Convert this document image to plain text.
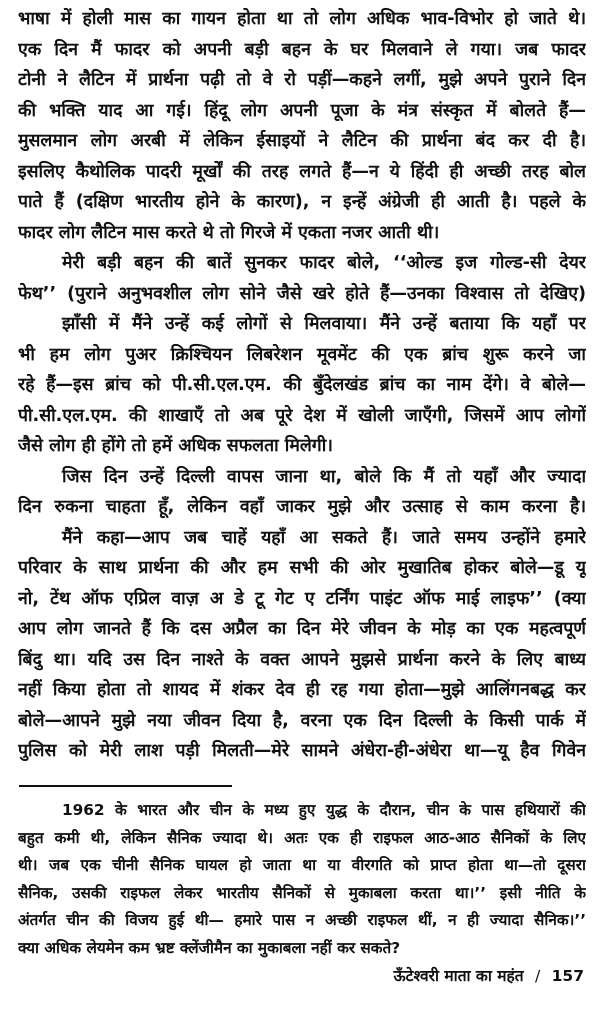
भाषा में होली मास का गायन होता था तो लोग अधिक भाव-विभोर हो जाते थे।
एक दिन मैं फादर को अपनी बड़ी बहन के घर मिलवाने ले गया। जब फादर
टोनी ने लैटिन में प्रार्थना पढ़ी तो वे रो पड़ीं—कहने लगीं, मुझे अपने पुराने दिन
की भक्ति याद आ गई। हिंदू लोग अपनी पूजा के मंत्र संस्कृत में बोलते हैं—
मुसलमान लोग अरबी में लेकिन ईसाइयों ने लैटिन की प्रार्थना बंद कर दी है।
इसलिए कैथोलिक पादरी मूर्खों की तरह लगते हैं—न ये हिंदी ही अच्छी तरह बोल
पाते हैं (दक्षिण भारतीय होने के कारण), न इन्हें अंग्रेजी ही आती है। पहले के
फादर लोग लैटिन मास करते थे तो गिरजे में एकता नजर आती थी।
मेरी बड़ी बहन की बातें सुनकर फादर बोले, ‘‘ओल्ड इज गोल्ड-सी देयर
फेथ’’ (पुराने अनुभवशील लोग सोने जैसे खरे होते हैं—उनका विश्वास तो देखिए)
झाँसी में मैंने उन्हें कई लोगों से मिलवाया। मैंने उन्हें बताया कि यहाँ पर
भी हम लोग पुअर क्रिश्चियन लिबरेशन मूवमेंट की एक ब्रांच शुरू करने जा
रहे हैं—इस ब्रांच को पी.सी.एल.एम. की बुँदेलखंड ब्रांच का नाम देंगे। वे बोले—
पी.सी.एल.एम. की शाखाएँ तो अब पूरे देश में खोली जाएँगी, जिसमें आप लोगों
जैसे लोग ही होंगे तो हमें अधिक सफलता मिलेगी।
जिस दिन उन्हें दिल्ली वापस जाना था, बोले कि मैं तो यहाँ और ज्यादा
दिन रुकना चाहता हूँ, लेकिन वहाँ जाकर मुझे और उत्साह से काम करना है।
मैंने कहा—आप जब चाहें यहाँ आ सकते हैं। जाते समय उन्होंने हमारे
परिवार के साथ प्रार्थना की और हम सभी की ओर मुखातिब होकर बोले—डू यू
नो, टेंथ ऑफ एप्रिल वाज़ अ डे टू गेट ए टर्निंग पाइंट ऑफ माई लाइफ’’ (क्या
आप लोग जानते हैं कि दस अप्रैल का दिन मेरे जीवन के मोड़ का एक महत्वपूर्ण
बिंदु था। यदि उस दिन नाश्ते के वक्त आपने मुझसे प्रार्थना करने के लिए बाध्य
नहीं किया होता तो शायद में शंकर देव ही रह गया होता—मुझे आलिंगनबद्ध कर
बोले—आपने मुझे नया जीवन दिया है, वरना एक दिन दिल्ली के किसी पार्क में
पुलिस को मेरी लाश पड़ी मिलती—मेरे सामने अंधेरा-ही-अंधेरा था—यू हैव गिवेन
1962 के भारत और चीन के मध्य हुए युद्ध के दौरान, चीन के पास हथियारों की
बहुत कमी थी, लेकिन सैनिक ज्यादा थे। अतः एक ही राइफल आठ-आठ सैनिकों के लिए
थी। जब एक चीनी सैनिक घायल हो जाता था या वीरगति को प्राप्त होता था—तो दूसरा
सैनिक, उसकी राइफल लेकर भारतीय सैनिकों से मुकाबला करता था।’’ इसी नीति के
अंतर्गत चीन की विजय हुई थी— हमारे पास न अच्छी राइफल थीं, न ही ज्यादा सैनिक।’’
क्या अधिक लेयमेन कम भ्रष्ट क्लेंजीमैन का मुकाबला नहीं कर सकते?
ऊँटेश्वरी माता का महंत / 157
